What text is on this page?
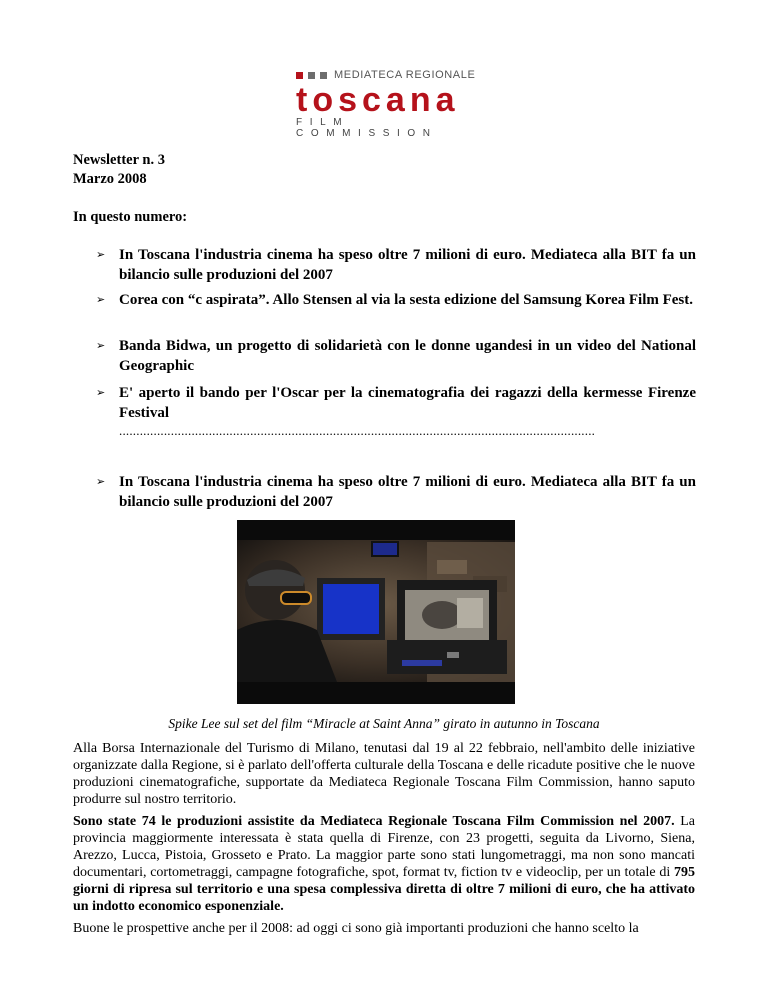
MEDIATECA REGIONALE
toscana
FILM COMMISSION
Newsletter n. 3
Marzo 2008
In questo numero:
➢ In Toscana l'industria cinema ha speso oltre 7 milioni di euro. Mediateca alla BIT fa un bilancio sulle produzioni del 2007
➢ Corea con “c aspirata”. Allo Stensen al via la sesta edizione del Samsung Korea Film Fest.
➢ Banda Bidwa, un progetto di solidarietà con le donne ugandesi in un video del National Geographic
➢ E' aperto il bando per l'Oscar per la cinematografia dei ragazzi della kermesse Firenze Festival
..........................................................................................................................................
➢ In Toscana l'industria cinema ha speso oltre 7 milioni di euro. Mediateca alla BIT fa un bilancio sulle produzioni del 2007
Spike Lee sul set del film “Miracle at Saint Anna” girato in autunno in Toscana
Alla Borsa Internazionale del Turismo di Milano, tenutasi dal 19 al 22 febbraio, nell'ambito delle iniziative organizzate dalla Regione, si è parlato dell'offerta culturale della Toscana e delle ricadute positive che le nuove produzioni cinematografiche, supportate da Mediateca Regionale Toscana Film Commission, hanno saputo produrre sul nostro territorio.
Sono state 74 le produzioni assistite da Mediateca Regionale Toscana Film Commission nel 2007. La provincia maggiormente interessata è stata quella di Firenze, con 23 progetti, seguita da Livorno, Siena, Arezzo, Lucca, Pistoia, Grosseto e Prato. La maggior parte sono stati lungometraggi, ma non sono mancati documentari, cortometraggi, campagne fotografiche, spot, format tv, fiction tv e videoclip, per un totale di 795 giorni di ripresa sul territorio e una spesa complessiva diretta di oltre 7 milioni di euro, che ha attivato un indotto economico esponenziale.
Buone le prospettive anche per il 2008: ad oggi ci sono già importanti produzioni che hanno scelto la
